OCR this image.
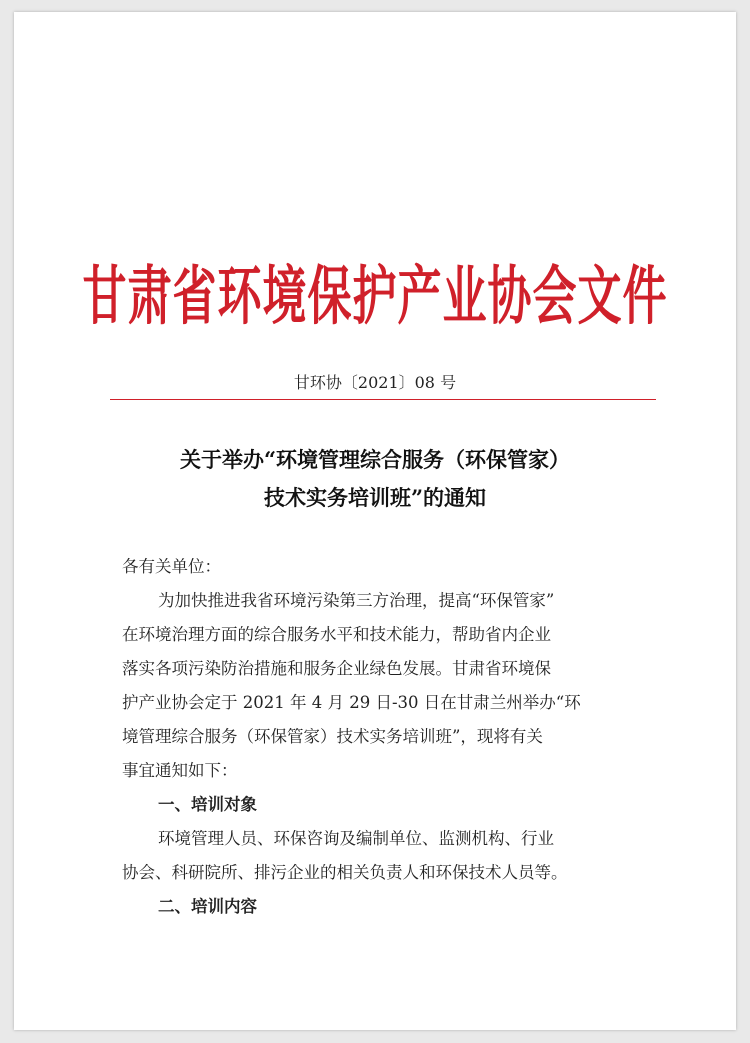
甘肃省环境保护产业协会文件
甘环协〔2021〕08 号
关于举办“环境管理综合服务（环保管家）
技术实务培训班”的通知
各有关单位：
为加快推进我省环境污染第三方治理，提高“环保管家”
在环境治理方面的综合服务水平和技术能力，帮助省内企业
落实各项污染防治措施和服务企业绿色发展。甘肃省环境保
护产业协会定于 2021 年 4 月 29 日-30 日在甘肃兰州举办“环
境管理综合服务（环保管家）技术实务培训班”，现将有关
事宜通知如下：
一、培训对象
环境管理人员、环保咨询及编制单位、监测机构、行业
协会、科研院所、排污企业的相关负责人和环保技术人员等。
二、培训内容
